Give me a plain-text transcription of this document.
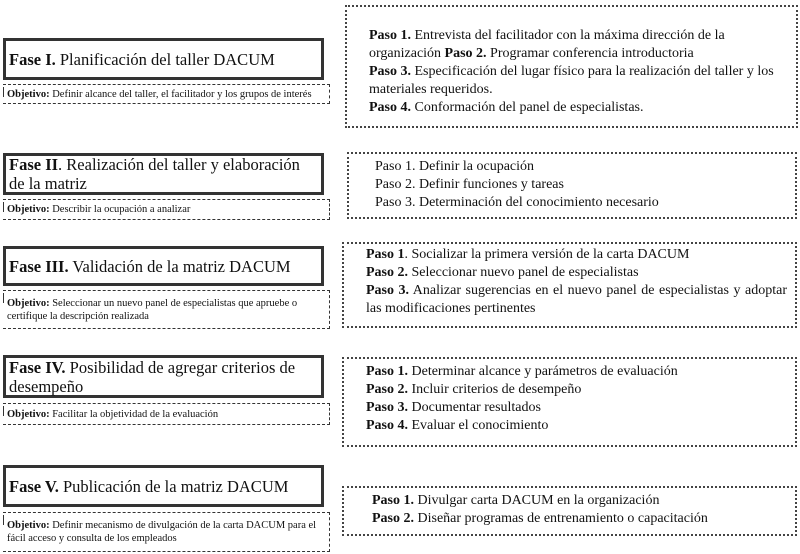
Fase I. Planificación del taller DACUM
Objetivo: Definir alcance del taller, el facilitador y los grupos de interés
Paso 1. Entrevista del facilitador con la máxima dirección de la organización Paso 2. Programar conferencia introductoria
Paso 3. Especificación del lugar físico para la realización del taller y los materiales requeridos.
Paso 4. Conformación del panel de especialistas.
Fase II. Realización del taller y elaboración de la matriz
Objetivo: Describir la ocupación a analizar
Paso 1. Definir la ocupación
Paso 2. Definir funciones y tareas
Paso 3. Determinación del conocimiento necesario
Fase III. Validación de la matriz DACUM
Objetivo: Seleccionar un nuevo panel de especialistas que apruebe o certifique la descripción realizada
Paso 1. Socializar la primera versión de la carta DACUM
Paso 2. Seleccionar nuevo panel de especialistas
Paso 3. Analizar sugerencias en el nuevo panel de especialistas y adoptar las modificaciones pertinentes
Fase IV. Posibilidad de agregar criterios de desempeño
Objetivo: Facilitar la objetividad de la evaluación
Paso 1. Determinar alcance y parámetros de evaluación
Paso 2. Incluir criterios de desempeño
Paso 3. Documentar resultados
Paso 4. Evaluar el conocimiento
Fase V. Publicación de la matriz DACUM
Objetivo: Definir mecanismo de divulgación de la carta DACUM para el fácil acceso y consulta de los empleados
Paso 1. Divulgar carta DACUM en la organización
Paso 2. Diseñar programas de entrenamiento o capacitación
